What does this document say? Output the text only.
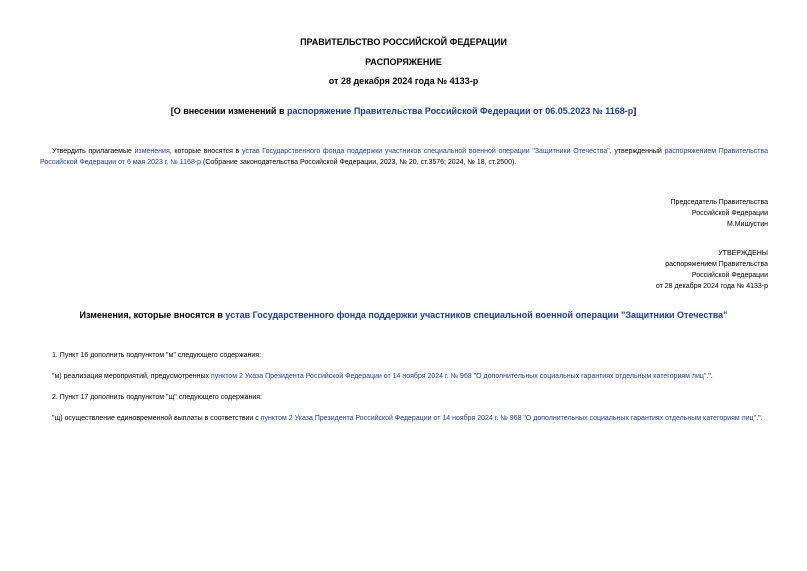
ПРАВИТЕЛЬСТВО РОССИЙСКОЙ ФЕДЕРАЦИИ
РАСПОРЯЖЕНИЕ
от 28 декабря 2024 года № 4133-р
[О внесении изменений в распоряжение Правительства Российской Федерации от 06.05.2023 № 1168-р]
Утвердить прилагаемые изменения, которые вносятся в устав Государственного фонда поддержки участников специальной военной операции "Защитники Отечества", утвержденный распоряжением Правительства Российской Федерации от 6 мая 2023 г. № 1168-р (Собрание законодательства Российской Федерации, 2023, № 20, ст.3576; 2024, № 18, ст.2500).
Председатель Правительства
Российской Федерации
М.Мишустин
УТВЕРЖДЕНЫ
распоряжением Правительства
Российской Федерации
от 28 декабря 2024 года № 4133-р
Изменения, которые вносятся в устав Государственного фонда поддержки участников специальной военной операции "Защитники Отечества"
1. Пункт 16 дополнить подпунктом "м" следующего содержания:
"м) реализация мероприятий, предусмотренных пунктом 2 Указа Президента Российской Федерации от 14 ноября 2024 г. № 968 "О дополнительных социальных гарантиях отдельным категориям лиц".".
2. Пункт 17 дополнить подпунктом "щ" следующего содержания:
"щ) осуществление единовременной выплаты в соответствии с пунктом 2 Указа Президента Российской Федерации от 14 ноября 2024 г. № 968 "О дополнительных социальных гарантиях отдельным категориям лиц".".
